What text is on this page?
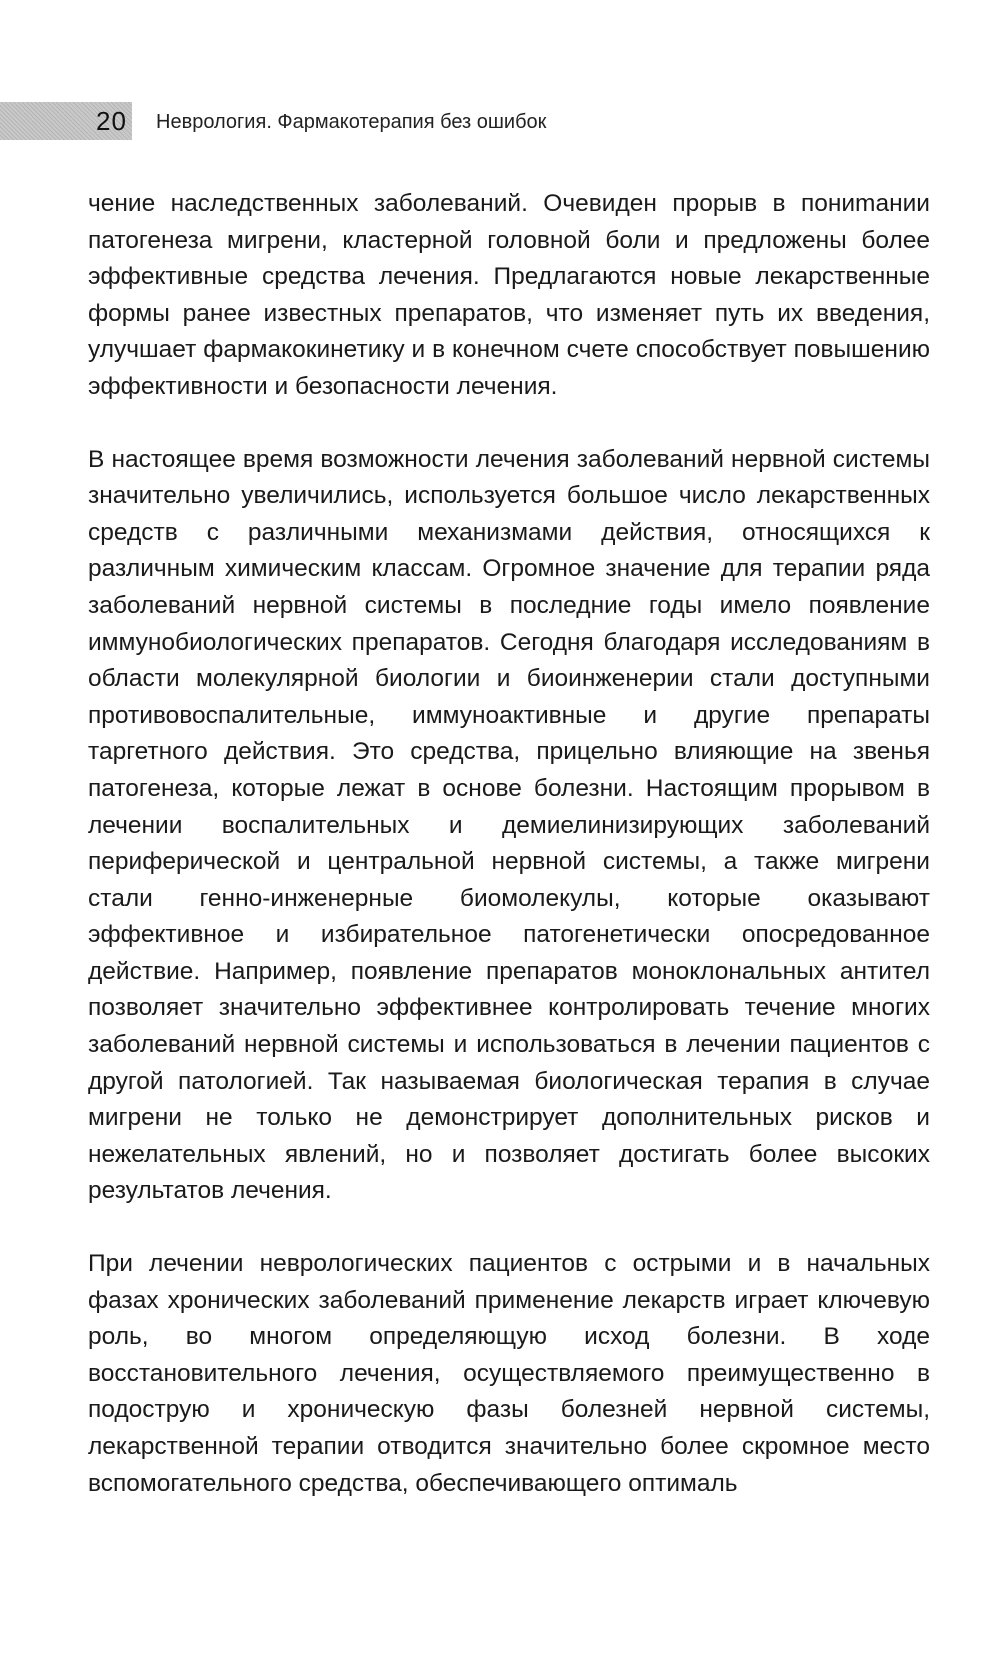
20	Неврология. Фармакотерапия без ошибок

чение наследственных заболеваний. Очевиден прорыв в пониmании патогенеза мигрени, кластерной головной боли и предложены более эффективные средства лечения. Предлагаются новые лекарственные формы ранее известных препаратов, что изменяет путь их введения, улучшает фармакокинетику и в конечном счете способствует повышению эффективности и безопасности лечения.

В настоящее время возможности лечения заболеваний нервной системы значительно увеличились, используется большое число лекарственных средств с различными механизмами действия, относящихся к различным химическим классам. Огромное значение для терапии ряда заболеваний нервной системы в последние годы имело появление иммунобиологических препаратов. Сегодня благодаря исследованиям в области молекулярной биологии и биоинженерии стали доступными противовоспалительные, иммуноактивные и другие препараты таргетного действия. Это средства, прицельно влияющие на звенья патогенеза, которые лежат в основе болезни. Настоящим прорывом в лечении воспалительных и демиелинизирующих заболеваний периферической и центральной нервной системы, а также мигрени стали генно-инженерные биомолекулы, которые оказывают эффективное и избирательное патогенетически опосредованное действие. Например, появление препаратов моноклональных антител позволяет значительно эффективнее контролировать течение многих заболеваний нервной системы и использоваться в лечении пациентов с другой патологией. Так называемая биологическая терапия в случае мигрени не только не демонстрирует дополнительных рисков и нежелательных явлений, но и позволяет достигать более высоких результатов лечения.

При лечении неврологических пациентов с острыми и в начальных фазах хронических заболеваний применение лекарств играет ключевую роль, во многом определяющую исход болезни. В ходе восстановительного лечения, осуществляемого преимущественно в подострую и хроническую фазы болезней нервной системы, лекарственной терапии отводится значительно более скромное место вспомогательного средства, обеспечивающего оптималь
